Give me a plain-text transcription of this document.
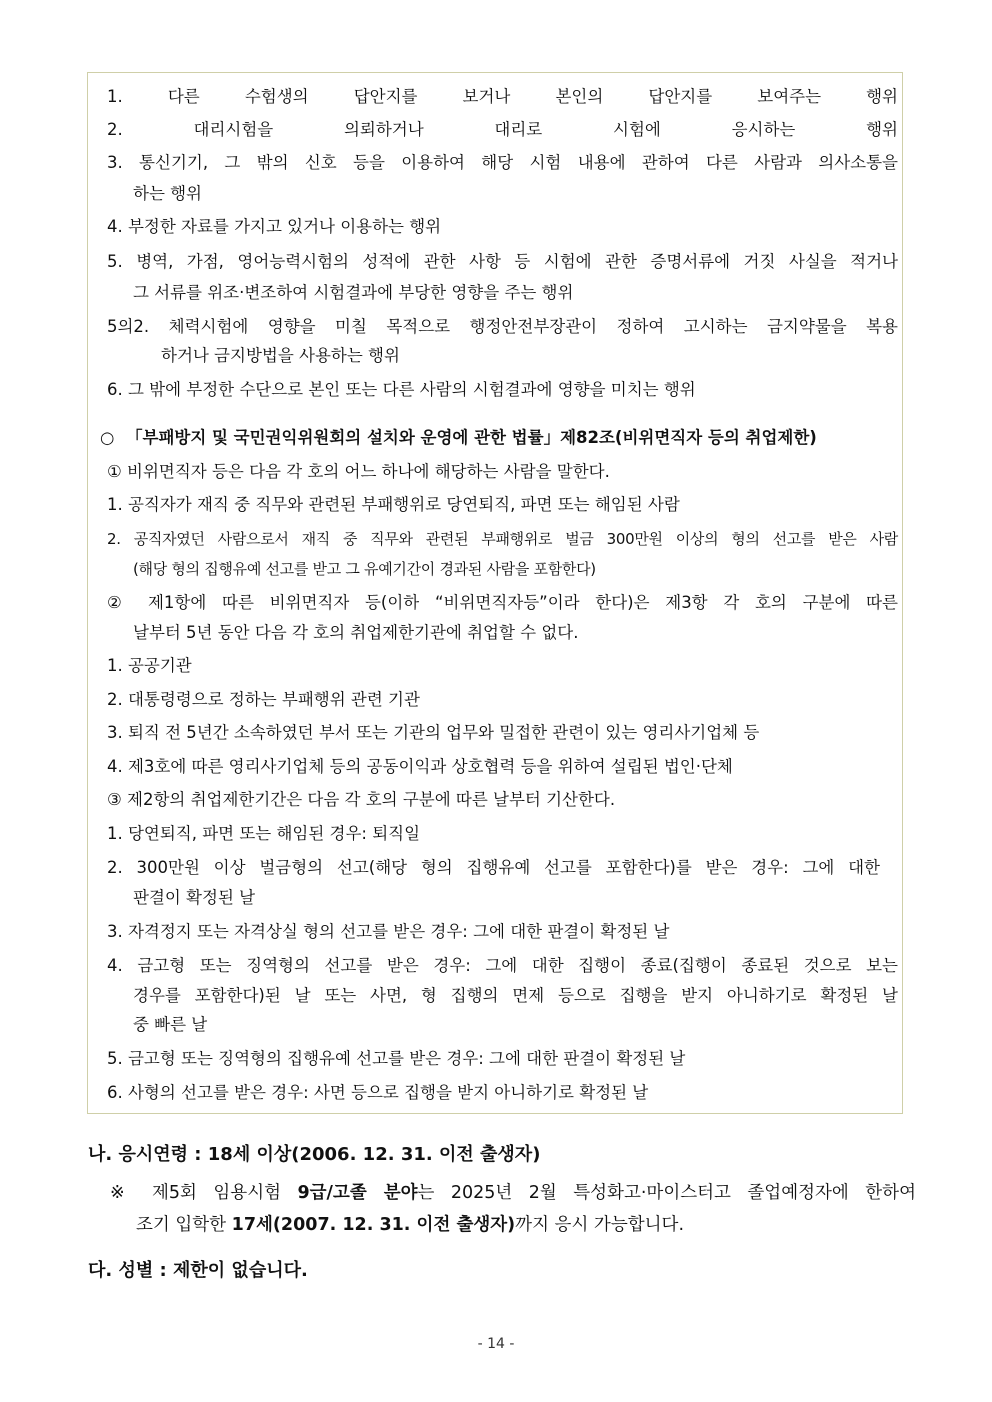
1. 다른 수험생의 답안지를 보거나 본인의 답안지를 보여주는 행위
2. 대리시험을 의뢰하거나 대리로 시험에 응시하는 행위
3. 통신기기, 그 밖의 신호 등을 이용하여 해당 시험 내용에 관하여 다른 사람과 의사소통을
하는 행위
4. 부정한 자료를 가지고 있거나 이용하는 행위
5. 병역, 가점, 영어능력시험의 성적에 관한 사항 등 시험에 관한 증명서류에 거짓 사실을 적거나
그 서류를 위조·변조하여 시험결과에 부당한 영향을 주는 행위
5의2. 체력시험에 영향을 미칠 목적으로 행정안전부장관이 정하여 고시하는 금지약물을 복용
하거나 금지방법을 사용하는 행위
6. 그 밖에 부정한 수단으로 본인 또는 다른 사람의 시험결과에 영향을 미치는 행위
○ 「부패방지 및 국민권익위원회의 설치와 운영에 관한 법률」제82조(비위면직자 등의 취업제한)
① 비위면직자 등은 다음 각 호의 어느 하나에 해당하는 사람을 말한다.
1. 공직자가 재직 중 직무와 관련된 부패행위로 당연퇴직, 파면 또는 해임된 사람
2. 공직자였던 사람으로서 재직 중 직무와 관련된 부패행위로 벌금 300만원 이상의 형의 선고를 받은 사람
(해당 형의 집행유예 선고를 받고 그 유예기간이 경과된 사람을 포함한다)
② 제1항에 따른 비위면직자 등(이하 “비위면직자등”이라 한다)은 제3항 각 호의 구분에 따른
날부터 5년 동안 다음 각 호의 취업제한기관에 취업할 수 없다.
1. 공공기관
2. 대통령령으로 정하는 부패행위 관련 기관
3. 퇴직 전 5년간 소속하였던 부서 또는 기관의 업무와 밀접한 관련이 있는 영리사기업체 등
4. 제3호에 따른 영리사기업체 등의 공동이익과 상호협력 등을 위하여 설립된 법인·단체
③ 제2항의 취업제한기간은 다음 각 호의 구분에 따른 날부터 기산한다.
1. 당연퇴직, 파면 또는 해임된 경우: 퇴직일
2. 300만원 이상 벌금형의 선고(해당 형의 집행유예 선고를 포함한다)를 받은 경우: 그에 대한
판결이 확정된 날
3. 자격정지 또는 자격상실 형의 선고를 받은 경우: 그에 대한 판결이 확정된 날
4. 금고형 또는 징역형의 선고를 받은 경우: 그에 대한 집행이 종료(집행이 종료된 것으로 보는
경우를 포함한다)된 날 또는 사면, 형 집행의 면제 등으로 집행을 받지 아니하기로 확정된 날
중 빠른 날
5. 금고형 또는 징역형의 집행유예 선고를 받은 경우: 그에 대한 판결이 확정된 날
6. 사형의 선고를 받은 경우: 사면 등으로 집행을 받지 아니하기로 확정된 날
나. 응시연령 : 18세 이상(2006. 12. 31. 이전 출생자)
※ 제5회 임용시험 9급/고졸 분야는 2025년 2월 특성화고·마이스터고 졸업예정자에 한하여
조기 입학한 17세(2007. 12. 31. 이전 출생자)까지 응시 가능합니다.
다. 성별 : 제한이 없습니다.
- 14 -
